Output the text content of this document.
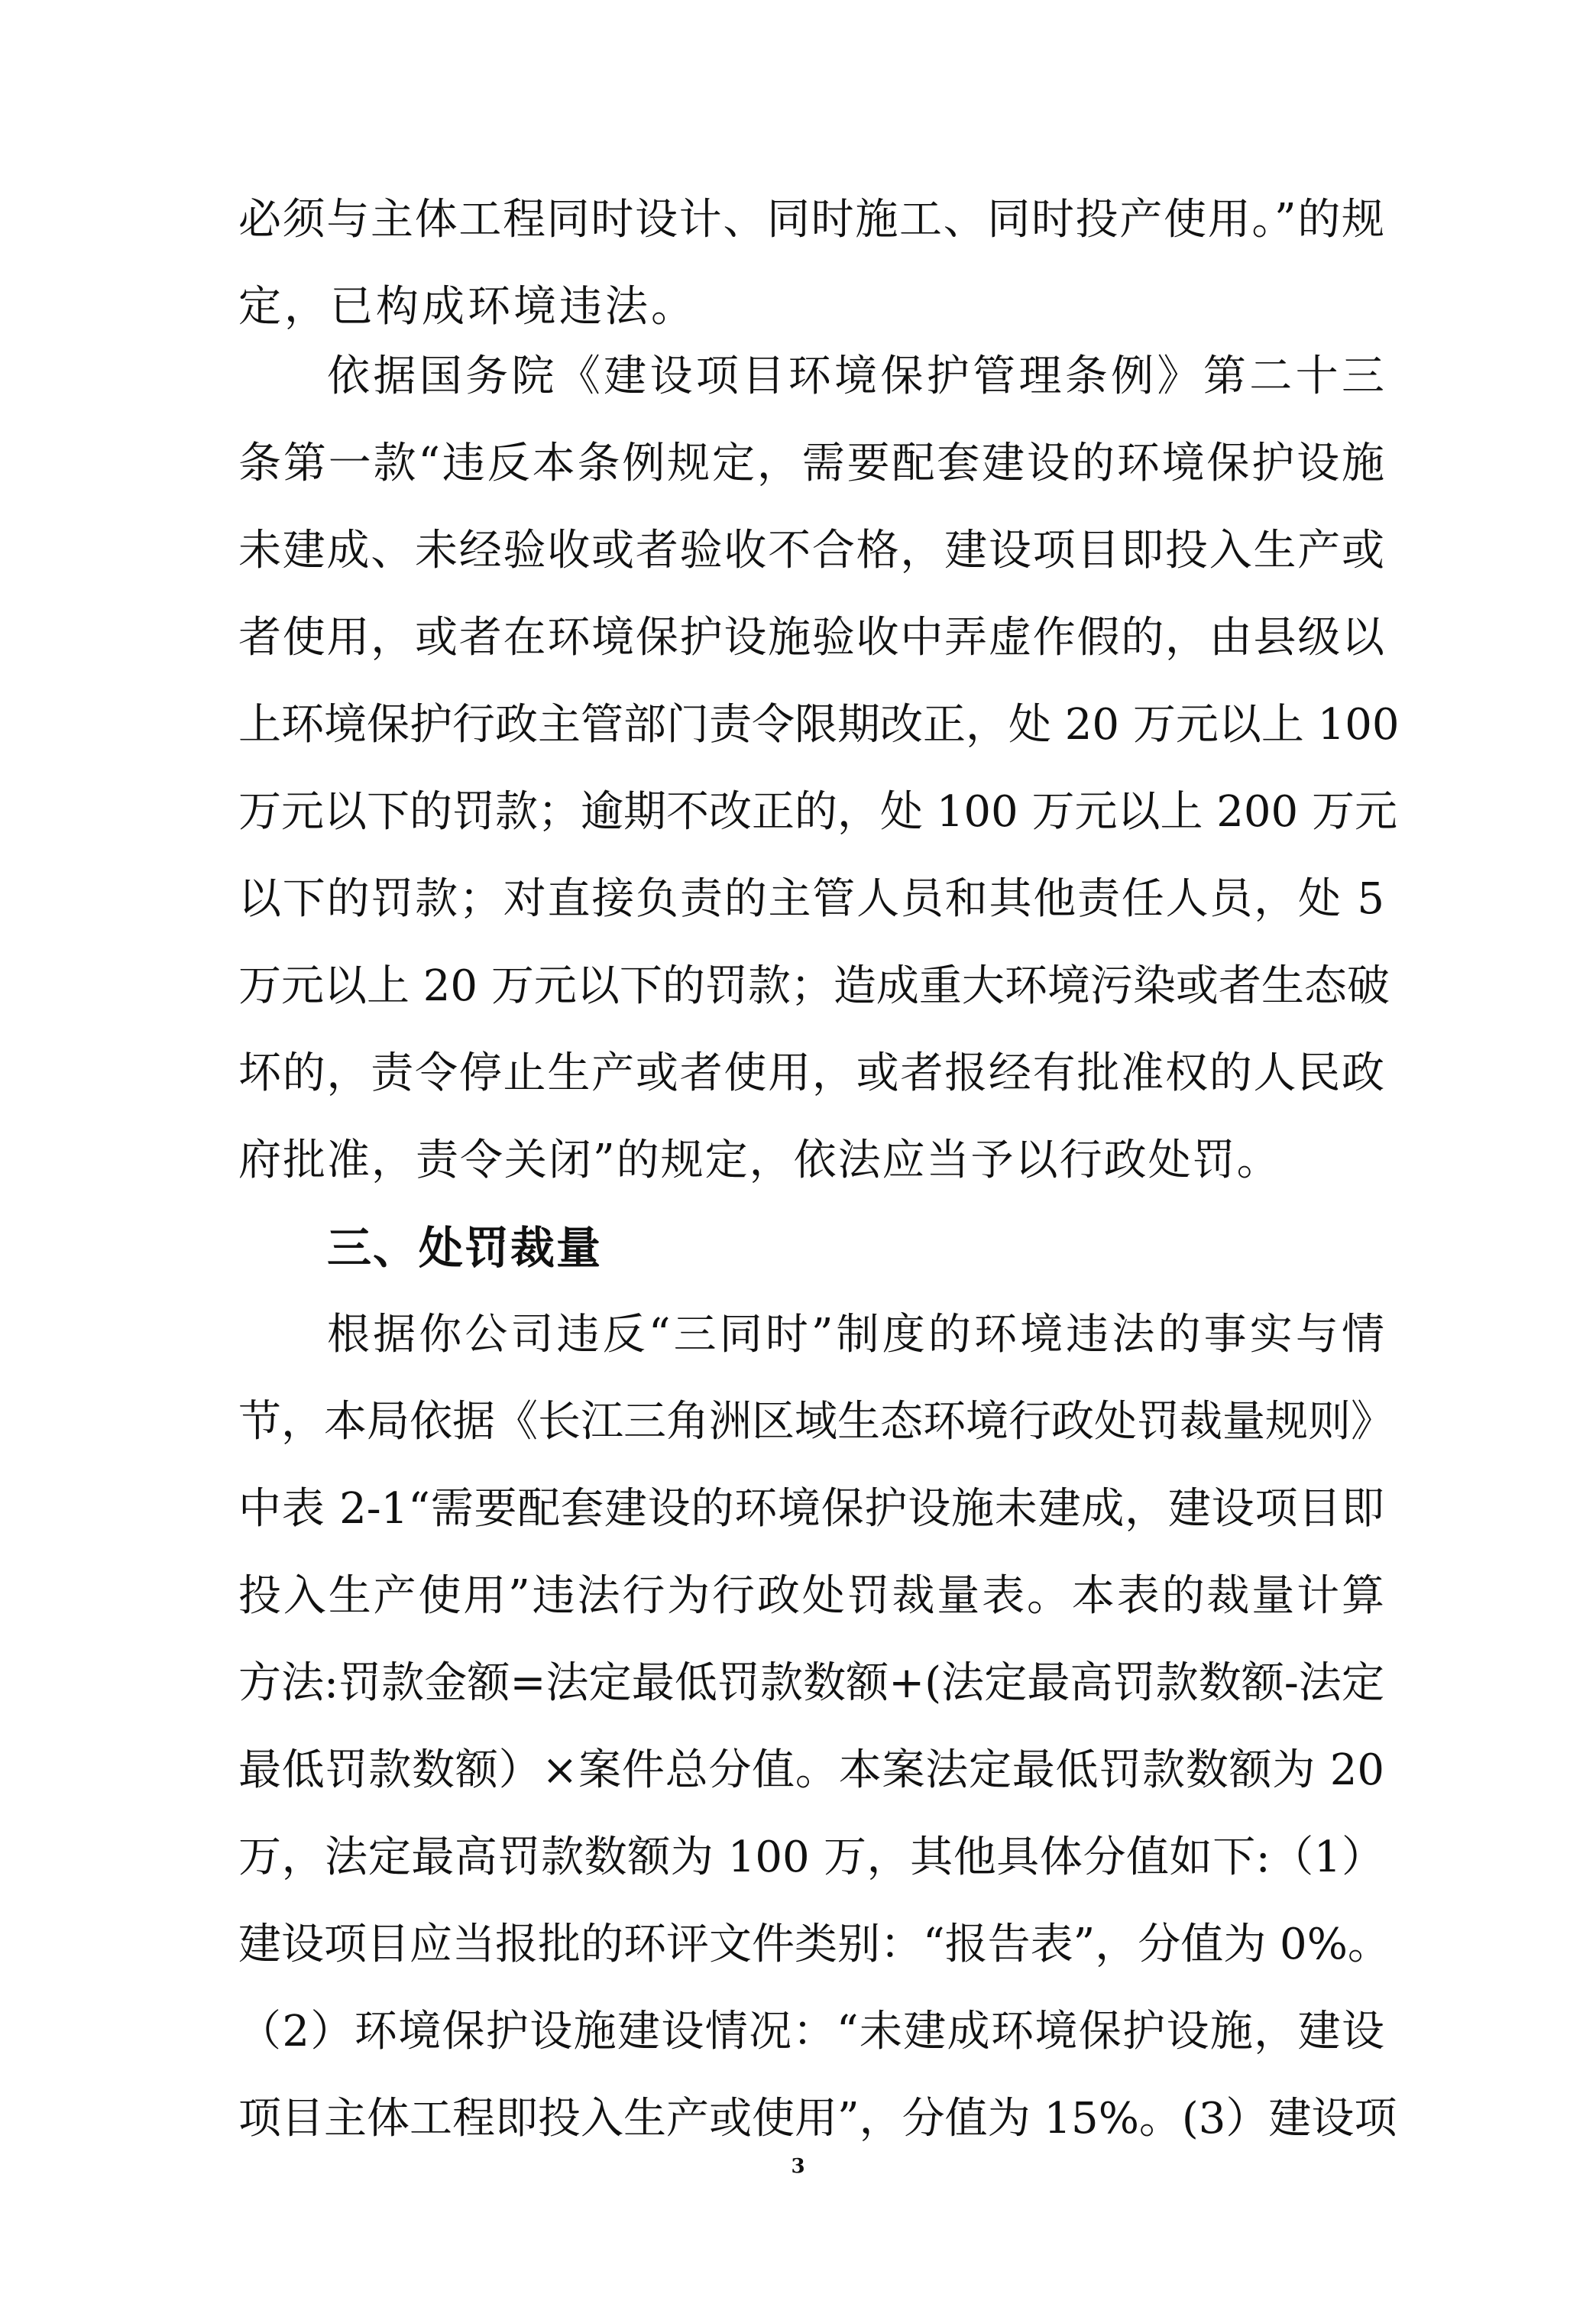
必须与主体工程同时设计、同时施工、同时投产使用。”的规
定，已构成环境违法。
依据国务院《建设项目环境保护管理条例》第二十三
条第一款“违反本条例规定，需要配套建设的环境保护设施
未建成、未经验收或者验收不合格，建设项目即投入生产或
者使用，或者在环境保护设施验收中弄虚作假的，由县级以
上环境保护行政主管部门责令限期改正，处 20 万元以上 100
万元以下的罚款；逾期不改正的，处 100 万元以上 200 万元
以下的罚款；对直接负责的主管人员和其他责任人员，处 5
万元以上 20 万元以下的罚款；造成重大环境污染或者生态破
坏的，责令停止生产或者使用，或者报经有批准权的人民政
府批准，责令关闭”的规定，依法应当予以行政处罚。
三、处罚裁量
根据你公司违反“三同时”制度的环境违法的事实与情
节，本局依据《长江三角洲区域生态环境行政处罚裁量规则》
中表 2-1“需要配套建设的环境保护设施未建成，建设项目即
投入生产使用”违法行为行政处罚裁量表。本表的裁量计算
方法:罚款金额=法定最低罚款数额+(法定最高罚款数额-法定
最低罚款数额）×案件总分值。本案法定最低罚款数额为 20
万，法定最高罚款数额为 100 万，其他具体分值如下:（1）
建设项目应当报批的环评文件类别：“报告表”，分值为 0%。
（2）环境保护设施建设情况：“未建成环境保护设施，建设
项目主体工程即投入生产或使用”，分值为 15%。(3）建设项
3
